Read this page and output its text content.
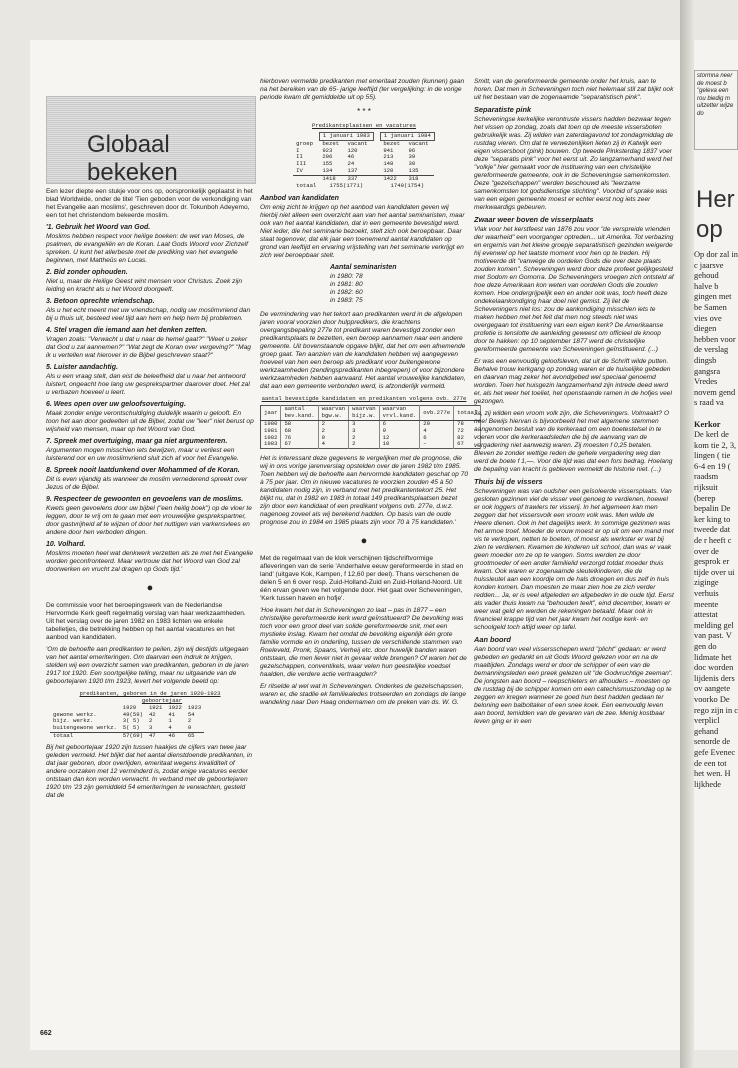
Globaal bekeken

Een lezer diepte een stukje voor ons op, oorspronkelijk geplaatst in het blad Worldwide, onder de titel 'Tien geboden voor de verkondiging van het Evangelie aan moslims', geschreven door dr. Tokunboh Adeyemo, een tot het christendom bekeerde moslim.

'1. Gebruik het Woord van God.

Moslims hebben respect voor heilige boeken: de wet van Moses, de psalmen, de evangeliën en de Koran. Laat Gods Woord voor Zichzelf spreken. U kunt het allerbeste met de prediking van het evangelie beginnen, met Mattheüs en Lucas.

2. Bid zonder ophouden.

Niet u, maar de Heilige Geest wint mensen voor Christus. Zoek zijn leiding en kracht als u het Woord doorgeeft.

3. Betoon oprechte vriendschap.

Als u het echt meent met uw vriendschap, nodig uw moslimvriend dan bij u thuis uit, besteed veel tijd aan hem en help hem bij problemen.

4. Stel vragen die iemand aan het denken zetten.

Vragen zoals: "Verwacht u dat u naar de hemel gaat?" "Weet u zeker dat God u zal aannemen?" "Wat zegt de Koran over vergeving?" "Mag ik u vertellen wat hierover in de Bijbel geschreven staat?"

5. Luister aandachtig.

Als u een vraag stelt, dan eist de beleefheid dat u naar het antwoord luistert, ongeacht hoe lang uw gesprekspartner daarover doet. Het zal u verbazen hoeveel u leert.

6. Wees open over uw geloofsovertuiging.

Maak zonder enige verontschuldiging duidelijk waarin u gelooft. En toon het aan door gedeelten uit de Bijbel, zodat uw "leer" niet berust op wijsheid van mensen, maar op het Woord van God.

7. Spreek met overtuiging, maar ga niet argumenteren.

Argumenten mogen misschien iets bewijzen, maar u verliest een luisterend oor en uw moslimvriend sluit zich af voor het Evangelie.

8. Spreek nooit laatdunkend over Mohammed of de Koran.

Dit is even vijandig als wanneer de moslim vernederend spreekt over Jezus of de Bijbel.

9. Respecteer de gewoonten en gevoelens van de moslims.

Kwets geen gevoelens door uw bijbel ("een heilig boek") op de vloer te leggen, door te vrij om te gaan met een vrouwelijke gesprekspartner, door gastvrijheid af te wijzen of door het nuttigen van varkensvlees en andere door hen verboden dingen.

10. Volhard.

Moslims moeten heel wat denkwerk verzetten als ze met het Evangelie worden geconfronteerd. Maar vertrouw dat het Woord van God zal doorwerken en vrucht zal dragen op Gods tijd.'

●

De commissie voor het beroepingswerk van de Nederlandse Hervormde Kerk geeft regelmatig verslag van haar werkzaamheden. Uit het verslag over de jaren 1982 en 1983 lichten we enkele tabelletjes, die betrekking hebben op het aantal vacatures en het aanbod van kandidaten.

'Om de behoefte aan predikanten te peilen, zijn wij destijds uitgegaan van het aantal emeriteringen. Om daarvan een indruk te krijgen, stelden wij een overzicht samen van predikanten, geboren in de jaren 1917 tot 1920. Een soortgelijke telling, maar nu uitgaande van de geboortejaren 1920 t/m 1923, levert het volgende beeld op:

predikanten, geboren in de jaren 1920-1923
	geboortejaar			
	1920	1921	1922	1923
gewone werkz.	49(59)	42	41	54
bijz. werkz.	3( 5)	2	1	2
buitengewone werkz.	5( 5)	3	4	9
totaal	57(69)	47	46	65

Bij het geboortejaar 1920 zijn tussen haakjes de cijfers van twee jaar geleden vermeld. Het blijkt dat het aantal dienstdoende predikanten, in dat jaar geboren, door overlijden, emeritaat wegens invaliditeit of andere oorzaken met 12 verminderd is, zodat enige vacatures eerder ontstaan dan kon worden verwacht. In verband met de geboortejaren 1920 t/m '23 zijn gemiddeld 54 emeriteringen te verwachten, gesteld dat de

hierboven vermelde predikanten met emeritaat zouden (kunnen) gaan na het bereiken van de 65- jarige leeftijd (ter vergelijking: in de vorige periode kwam dit gemiddelde uit op 55).

* * *
Predikantsplaatsen en vacatures
	1 januari 1983			1 januari 1984	
groep	bezet	vacant		bezet	vacant
I	923	120		941	96
II	206	46		213	39
III	155	24		148	30
IV	134	137		120	135
	1418	337		1422	318
totaal	1755(1771)			1740(1754)	
Aanbod van kandidaten

Om enig zicht te krijgen op het aanbod van kandidaten geven wij hierbij niet alleen een overzicht aan van het aantal seminaristen, maar ook van het aantal kandidaten, dat in een gemeente bevestigd werd. Niet ieder, die het seminarie bezoekt, stelt zich ook beroepbaar. Daar staat tegenover, dat elk jaar een toenemend aantal kandidaten op grond van leeftijd en ervaring vrijstelling van het seminarie verkrijgt en zich wel beroepbaar stelt.

Aantal seminaristen
in 1980: 78
in 1981: 80
in 1982: 60
in 1983: 75

De vermindering van het tekort aan predikanten werd in de afgelopen jaren vooral voorzien door hulppredikers, die krachtens overgangsbepaling 277e tot predikant waren bevestigd zonder een predikantsplaats te bezetten, een beroep aannamen naar een andere gemeente. Uit bovenstaande opgave blijkt, dat het om een afnemende groep gaat. Ten aanzien van de kandidaten hebben wij aangegeven hoeveel van hen een beroep als predikant voor buitengewone werkzaamheden (zendingspredikanten inbegrepen) of voor bijzondere werkzaamheden hebben aanvaard. Het aantal vrouwelijke kandidaten, dat aan een gemeente verbonden werd, is afzonderlijk vermeld.

aantal bevestigde kandidaten en predikanten volgens ovb. 277e
jaar	aantal bev.kand.	waarvan bgw.w.	waarvan bijz.w.	waarvan vrvl.kand.	ovb.277e	totaal
1980	58	2	3	6	20	78
1981	68	2	3	9	4	72
1982	76	9	2	12	6	82
1983	67	4	2	10	–	67

Het is interessant deze gegevens te vergelijken met de prognose, die wij in ons vorige jarenverslag opstelden over de jaren 1982 t/m 1985. Toen hebben wij de behoefte aan hervormde kandidaten geschat op 70 à 75 per jaar. Om in nieuwe vacatures te voorzien zouden 45 à 50 kandidaten nodig zijn, in verband met het predikantentekort 25. Het blijkt nu, dat in 1982 en 1983 in totaal 149 predikantsplaatsen bezet zijn door een kandidaat of een predikant volgens ovb. 277e, d.w.z. nagenoeg zoveel als wij berekend hadden. Op basis van de oude prognose zou in 1984 en 1985 plaats zijn voor 70 à 75 kandidaten.'

●

Met de regelmaat van de klok verschijnen tijdschriftvormige afleveringen van de serie 'Anderhalve eeuw gereformeerde in stad en land' (uitgave Kok, Kampen, f 12,60 per deel). Thans verschenen de delen 5 en 6 over resp. Zuid-Holland-Zuid en Zuid-Holland-Noord. Uit één ervan geven we het volgende door. Het gaat over Scheveningen, 'Kerk tussen haven en hofje'.

'Hoe kwam het dat in Scheveningen zo laat – pas in 1877 – een christelijke gereformeerde kerk werd geïnstitueerd? De bevolking was toch voor een groot deel van solide gereformeerde snit, met een mystieke inslag. Kwam het omdat de bevolking eigenlijk één grote familie vormde en in onderling, tussen de verschillende stammen van Roeleveld, Pronk, Spaans, Verheij etc. door huwelijk banden waren ontstaan, die men liever niet in gevaar wilde brengen? Of waren het de gezelschappen, conventikels, waar velen hun geestelijke voedsel haalden, die verdere actie vertraagden?

Er ritselde al wel wat in Scheveningen. Onderkes de gezelschapssen, waren er, die stadlie ek familiealedes trotseerden en zondags de lange wandeling naar Den Haag ondernamen om de preken van ds. W. G.

Smitt, van de gereformeerde gemeente onder het kruis, aan te horen. Dat men in Scheveningen toch niet helemaal stil zat blijkt ook uit het bestaan van de zogenaamde "separatistisch pink".

Separatiste pink

Scheveningse kerkelijke verontruste vissers hadden bezwaar tegen het vissen op zondag, zoals dat toen op de meeste vissersboten gebruikelijk was. Zij wilden van zaterdagavond tot zondagmiddag de rustdag vieren. Om dat te verwezenlijken lieten zij in Katwijk een eigen vissersboot (pink) bouwen. Op tweede Pinksterdag 1837 voer deze "separatis pink" voor het eerst uit. Zo langzamerhand werd het "volkje" hier gemaakt voor de instituering van een christelijke gereformeerde gemeente, ook in de Scheveningse samenkomsten. Deze "gezelschappen" werden beschouwd als "leerzame samenkomsten tot godsdienstige stichting". Voorbid of sprake was van een eigen gemeente moest er echter eerst nog iets zeer merkwaardigs gebeuren.

Zwaar weer boven de visserplaats

Vlak voor het kerstfeest van 1876 zou voor "de verspreide vrienden der waarheid" een voorganger optreden... uit Amerika. Tot verbazing en ergernis van het kleine groepje separatistisch gezinden weigerde hij evenwel op het laatste moment voor hen op te treden. Hij motiveerde dit "vanwege de oordelen Gods die over deze plaats zouden komen". Scheveningen werd door deze profeet gelijkgesteld met Sodom en Gomorra. De Scheveningers vroegen zich ontsteld af hoe deze Amerikaan kon weten van oordelen Gods die zouden komen. Hoe ondergrijpelijk een en ander ook was, toch heeft deze ondekelaankondiging haar doel niet gemist. Zij liet de Scheveningers niet los: zou de aankondiging misschien iets te maken hebben met het feit dat men nog steeds niet was overgegaan tot instituering van een eigen kerk? De Amerikaanse profetie is tenslotte de aanleiding geweest om officieel de knoop door te hakken: op 10 september 1877 werd de christelijke gereformeerde gemeente van Scheveningen geïnstitueerd. (...)

Er was een eenvoudig geloofsleven, dat uit de Schrift wilde putten. Behalve trouw kerkgang op zondag waren er de huiselijke gebeden en daarvan mag zeker het avondgebed wel speciaal genoemd worden. Toen het huisgezin langzamerhand zijn intrede deed werd er, als het weer het toeliet, het openstaande ramen in de hofjes veel gezongen.

Ja, zij wilden een vroom volk zijn, die Scheveningers. Volmaakt? O nee! Bewijs hiervan is bijvoorbeeld het met algemene stemmen aangenomen besluit van de kerkeraad om een boetestelsel in te voeren voor die kerkeraadsleden die bij de aanvang van de vergadering niet aanwezig waren. Zij moesten f 0,25 betalen. Bleven ze zonder wettige reden de gehele vergadering weg dan werd de boete f 1,—. Voor die tijd was dat een fors bedrag. Hoelang de bepaling van kracht is gebleven vermeldt de historie niet. (...)

Thuis bij de vissers

Scheveningen was van oudsher een geïsoleerde vissersplaats. Van gesloten gezinnen viel de visser veel genoeg te verdienen, hoewel er ook loggers of trawlers ter visserij. In het algemeen kan men zeggen dat het vissersvolk een vroom volk was. Men wilde de Heere dienen. Ook in het dagelijks werk. In sommige gezinnen was het armoe troef. Moeder de vrouw moest er op uit om een mand met vis te verkopen, netten te boeten, of moest als werkster er wat bij zien te verdienen. Kwamen de kinderen uit school, dan was er vaak geen moeder om ze op te vangen. Soms werden ze door grootmoeder of een ander familielid verzorgd totdat moeder thuis kwam. Ook waren er zogenaamde sleutelkinderen, die de huissleutel aan een koordje om de hals droegen en dus zelf in huis konden komen. Dan moesten ze maar zien hoe ze zich verder redden... Ja, er is veel afgeleden en afgebeden in de oude tijd. Eerst als vader thuis kwam na "behouden teelt", eind december, kwam er weer wat geld en werden de rekeningen betaald. Maar ook in financieel krappe tijd van het jaar kwam het nodige kerk- en schoolgeld toch altijd weer op tafel.

Aan boord

Aan boord van veel vissersschepen werd "plicht" gedaan: er werd gebeden en gedankt en uit Gods Woord gelezen voor en na de maaltijden. Zondags werd er door de schipper of een van de bemanningsleden een preek gelezen uit "de Godvruchtige zeeman". De jongsten aan boord – reepschieters en afhouders – moesten op de rustdag bij de schipper komen om een catechismuszondag op te zeggen en kregen wanneer ze goed hun best hadden gedaan ter beloning een balboltaker of een snee koek. Een eenvoudig leven aan boord, temidden van de gevaren van de zee. Menig kostbaar leven ging er in een

662
stormna neer de moest b "geleva een rou biedig m uitzetter wijze do
Her op
Op dor zal in c jaarsve gehoud halve b gingen met be Samen vies ove diegen hebben voor de verslag dingsb gangsra Vredes novem gend s raad va

Kerkor
De kerl de kom tie 2, 3, lingen ( tie 6-4 en 19 ( raadsm rijksuit (berep bepalin De ker king to tweede dat de r heeft c over de gesprok er tijde over ui ziginge verhuis meente attestat melding gel van past. V gen do lidmate het doc worden lijdenis ders ov aangete voorko De rego zijn in c verplicl gehand senorde de gefe Evenec de een tot het wen. H lijkhede
